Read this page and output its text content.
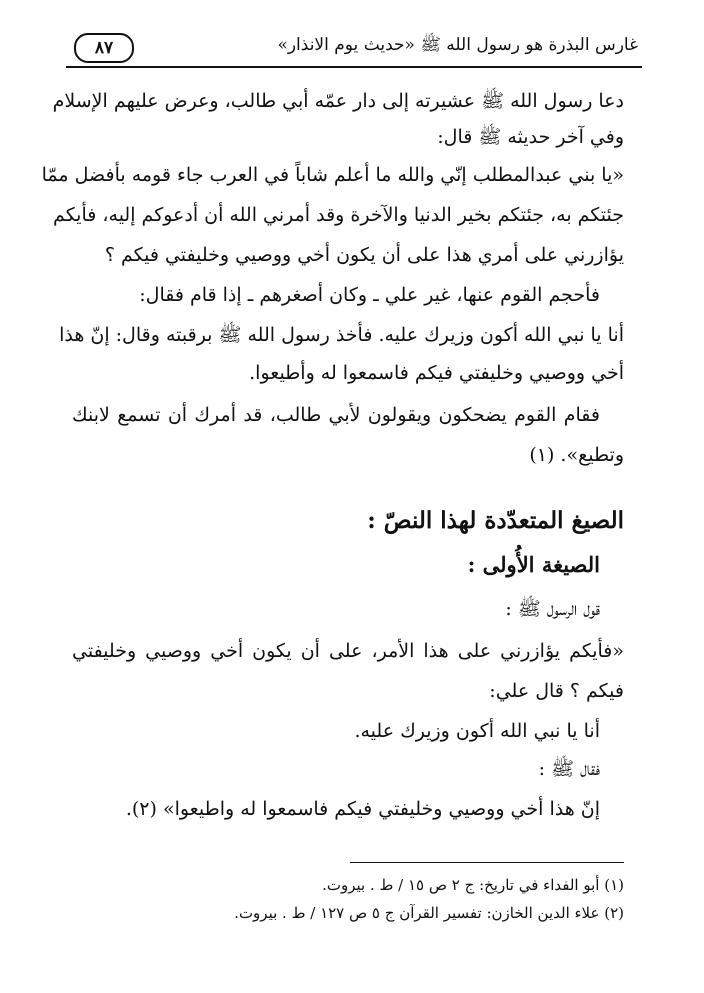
غارس البذرة هو رسول الله ﷺ «حديث يوم الانذار»
٨٧
دعا رسول الله ﷺ عشيرته إلى دار عمّه أبي طالب، وعرض عليهم الإسلام
وفي آخر حديثه ﷺ قال:
«يا بني عبدالمطلب إنّي والله ما أعلم شاباً في العرب جاء قومه بأفضل ممّا
جئتكم به، جئتكم بخير الدنيا والآخرة وقد أمرني الله أن أدعوكم إليه، فأيكم
يؤازرني على أمري هذا على أن يكون أخي ووصيي وخليفتي فيكم ؟
فأحجم القوم عنها، غير علي ـ وكان أصغرهم ـ إذا قام فقال:
أنا يا نبي الله أكون وزيرك عليه. فأخذ رسول الله ﷺ برقبته وقال: إنّ هذا
أخي ووصيي وخليفتي فيكم فاسمعوا له وأطيعوا.
فقام القوم يضحكون ويقولون لأبي طالب، قد أمرك أن تسمع لابنك
وتطيع». (١)
الصيغ المتعدّدة لهذا النصّ :
الصيغة الأُولى :
قول الرسول ﷺ :
«فأيكم يؤازرني على هذا الأمر، على أن يكون أخي ووصيي وخليفتي
فيكم ؟ قال علي:
أنا يا نبي الله أكون وزيرك عليه.
فقال ﷺ :
إنّ هذا أخي ووصيي وخليفتي فيكم فاسمعوا له واطيعوا» (٢).
(١) أبو الفداء في تاريخ: ج ٢ ص ١٥ / ط . بيروت.
(٢) علاء الدين الخازن: تفسير القرآن ج ٥ ص ١٢٧ / ط . بيروت.
